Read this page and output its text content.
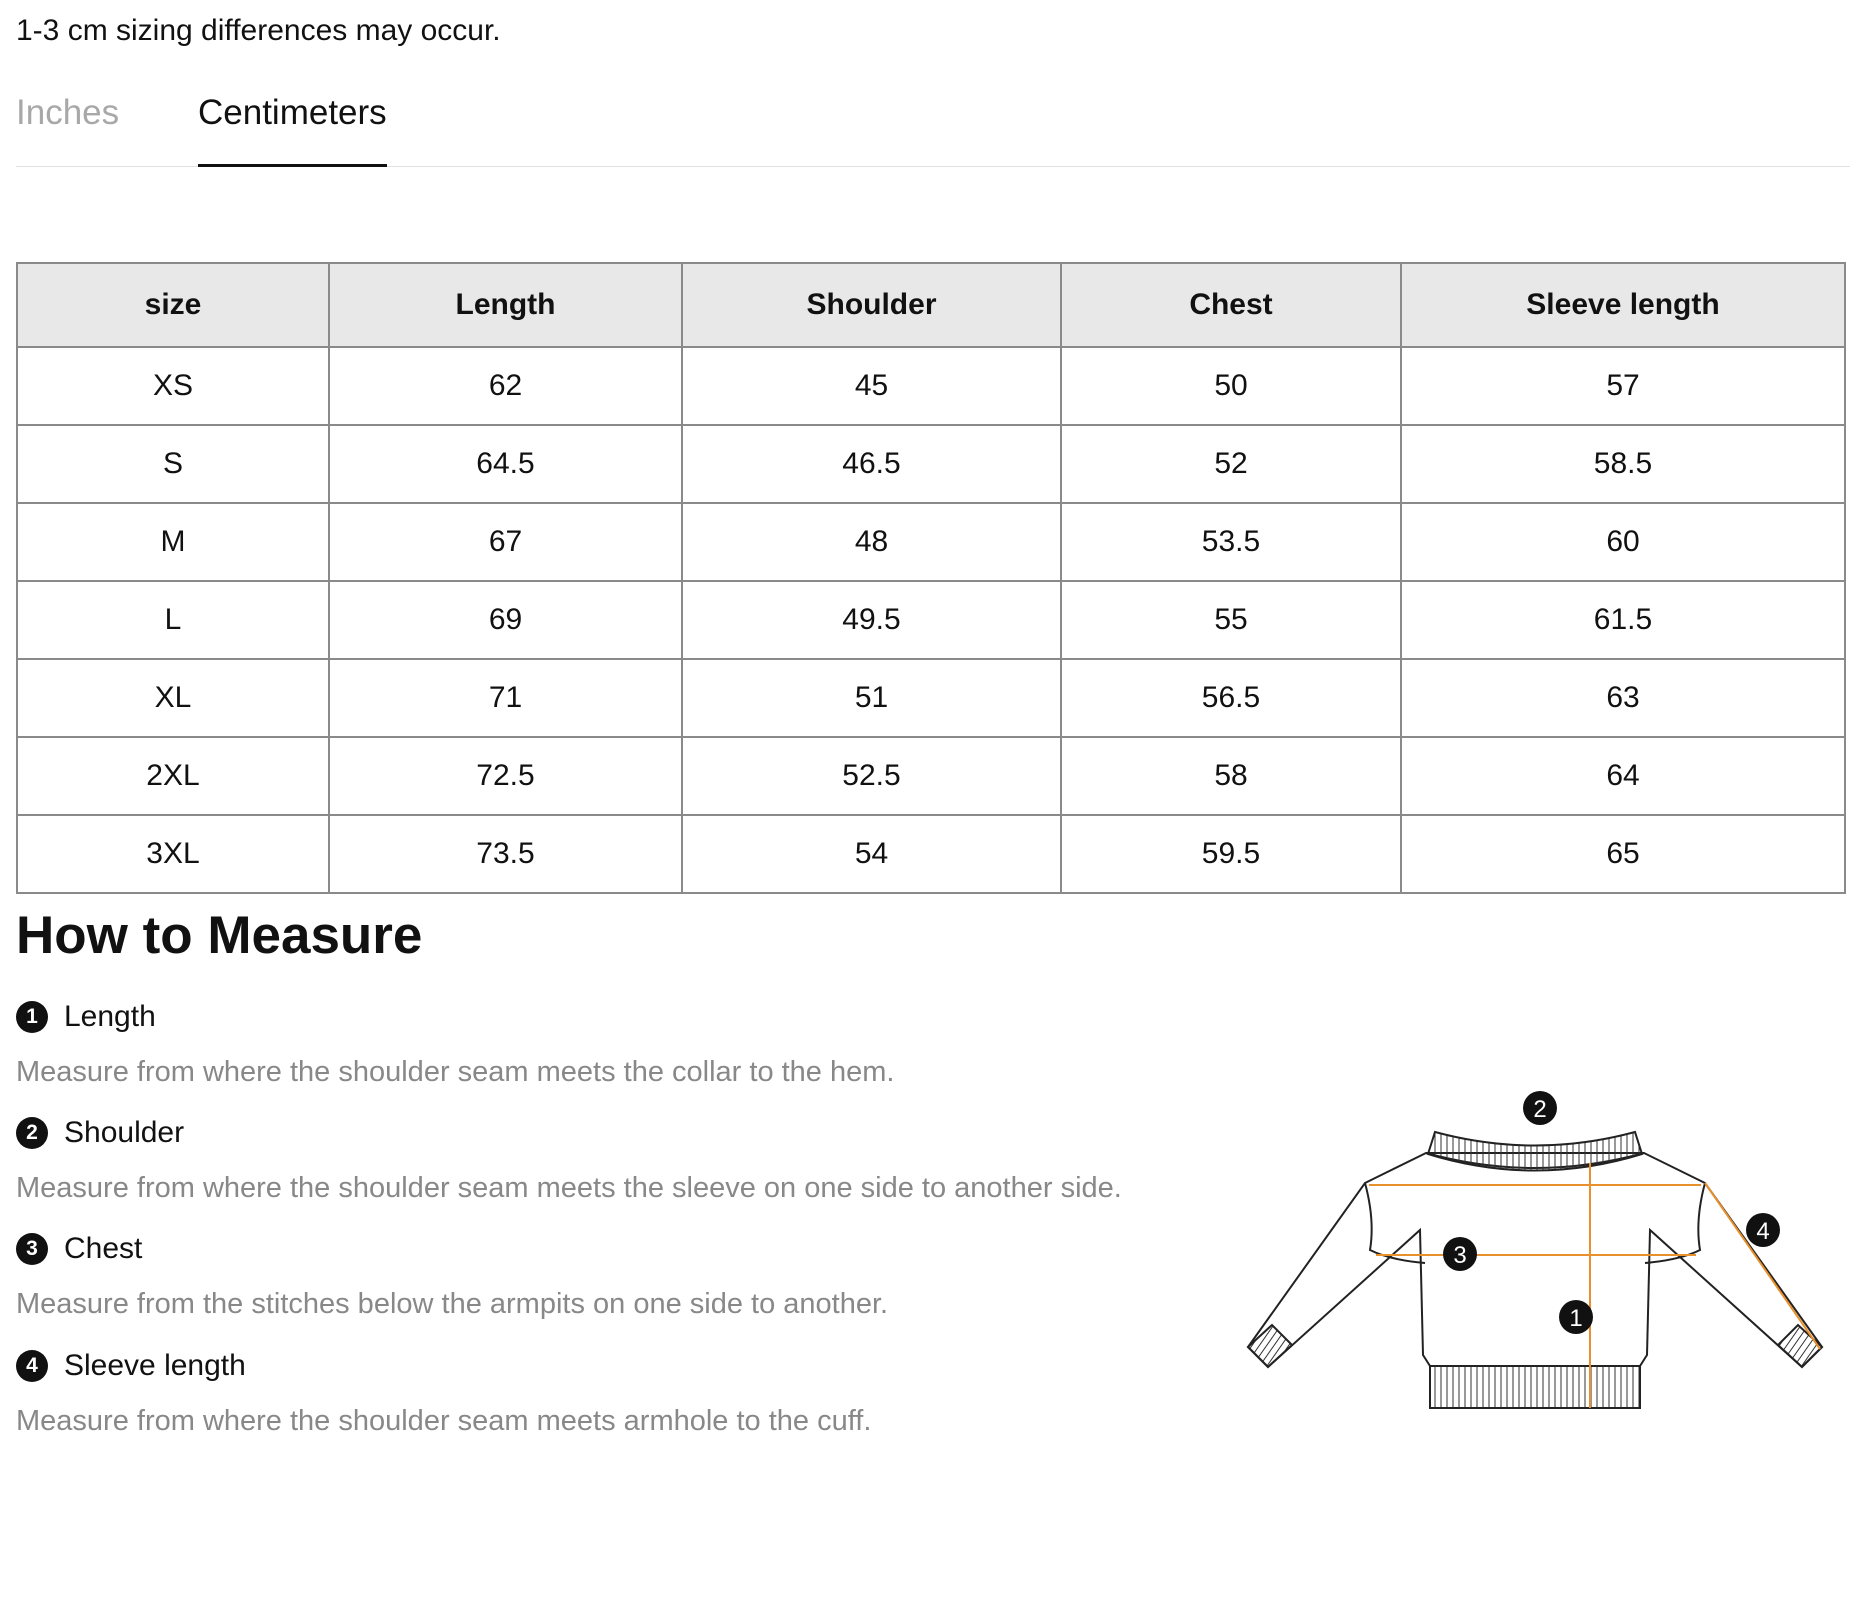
1-3 cm sizing differences may occur.
Inches Centimeters
size	Length	Shoulder	Chest	Sleeve length
XS	62	45	50	57
S	64.5	46.5	52	58.5
M	67	48	53.5	60
L	69	49.5	55	61.5
XL	71	51	56.5	63
2XL	72.5	52.5	58	64
3XL	73.5	54	59.5	65
How to Measure
1 Length
Measure from where the shoulder seam meets the collar to the hem.
2 Shoulder
Measure from where the shoulder seam meets the sleeve on one side to another side.
3 Chest
Measure from the stitches below the armpits on one side to another.
4 Sleeve length
Measure from where the shoulder seam meets armhole to the cuff.
2
4
3
1
